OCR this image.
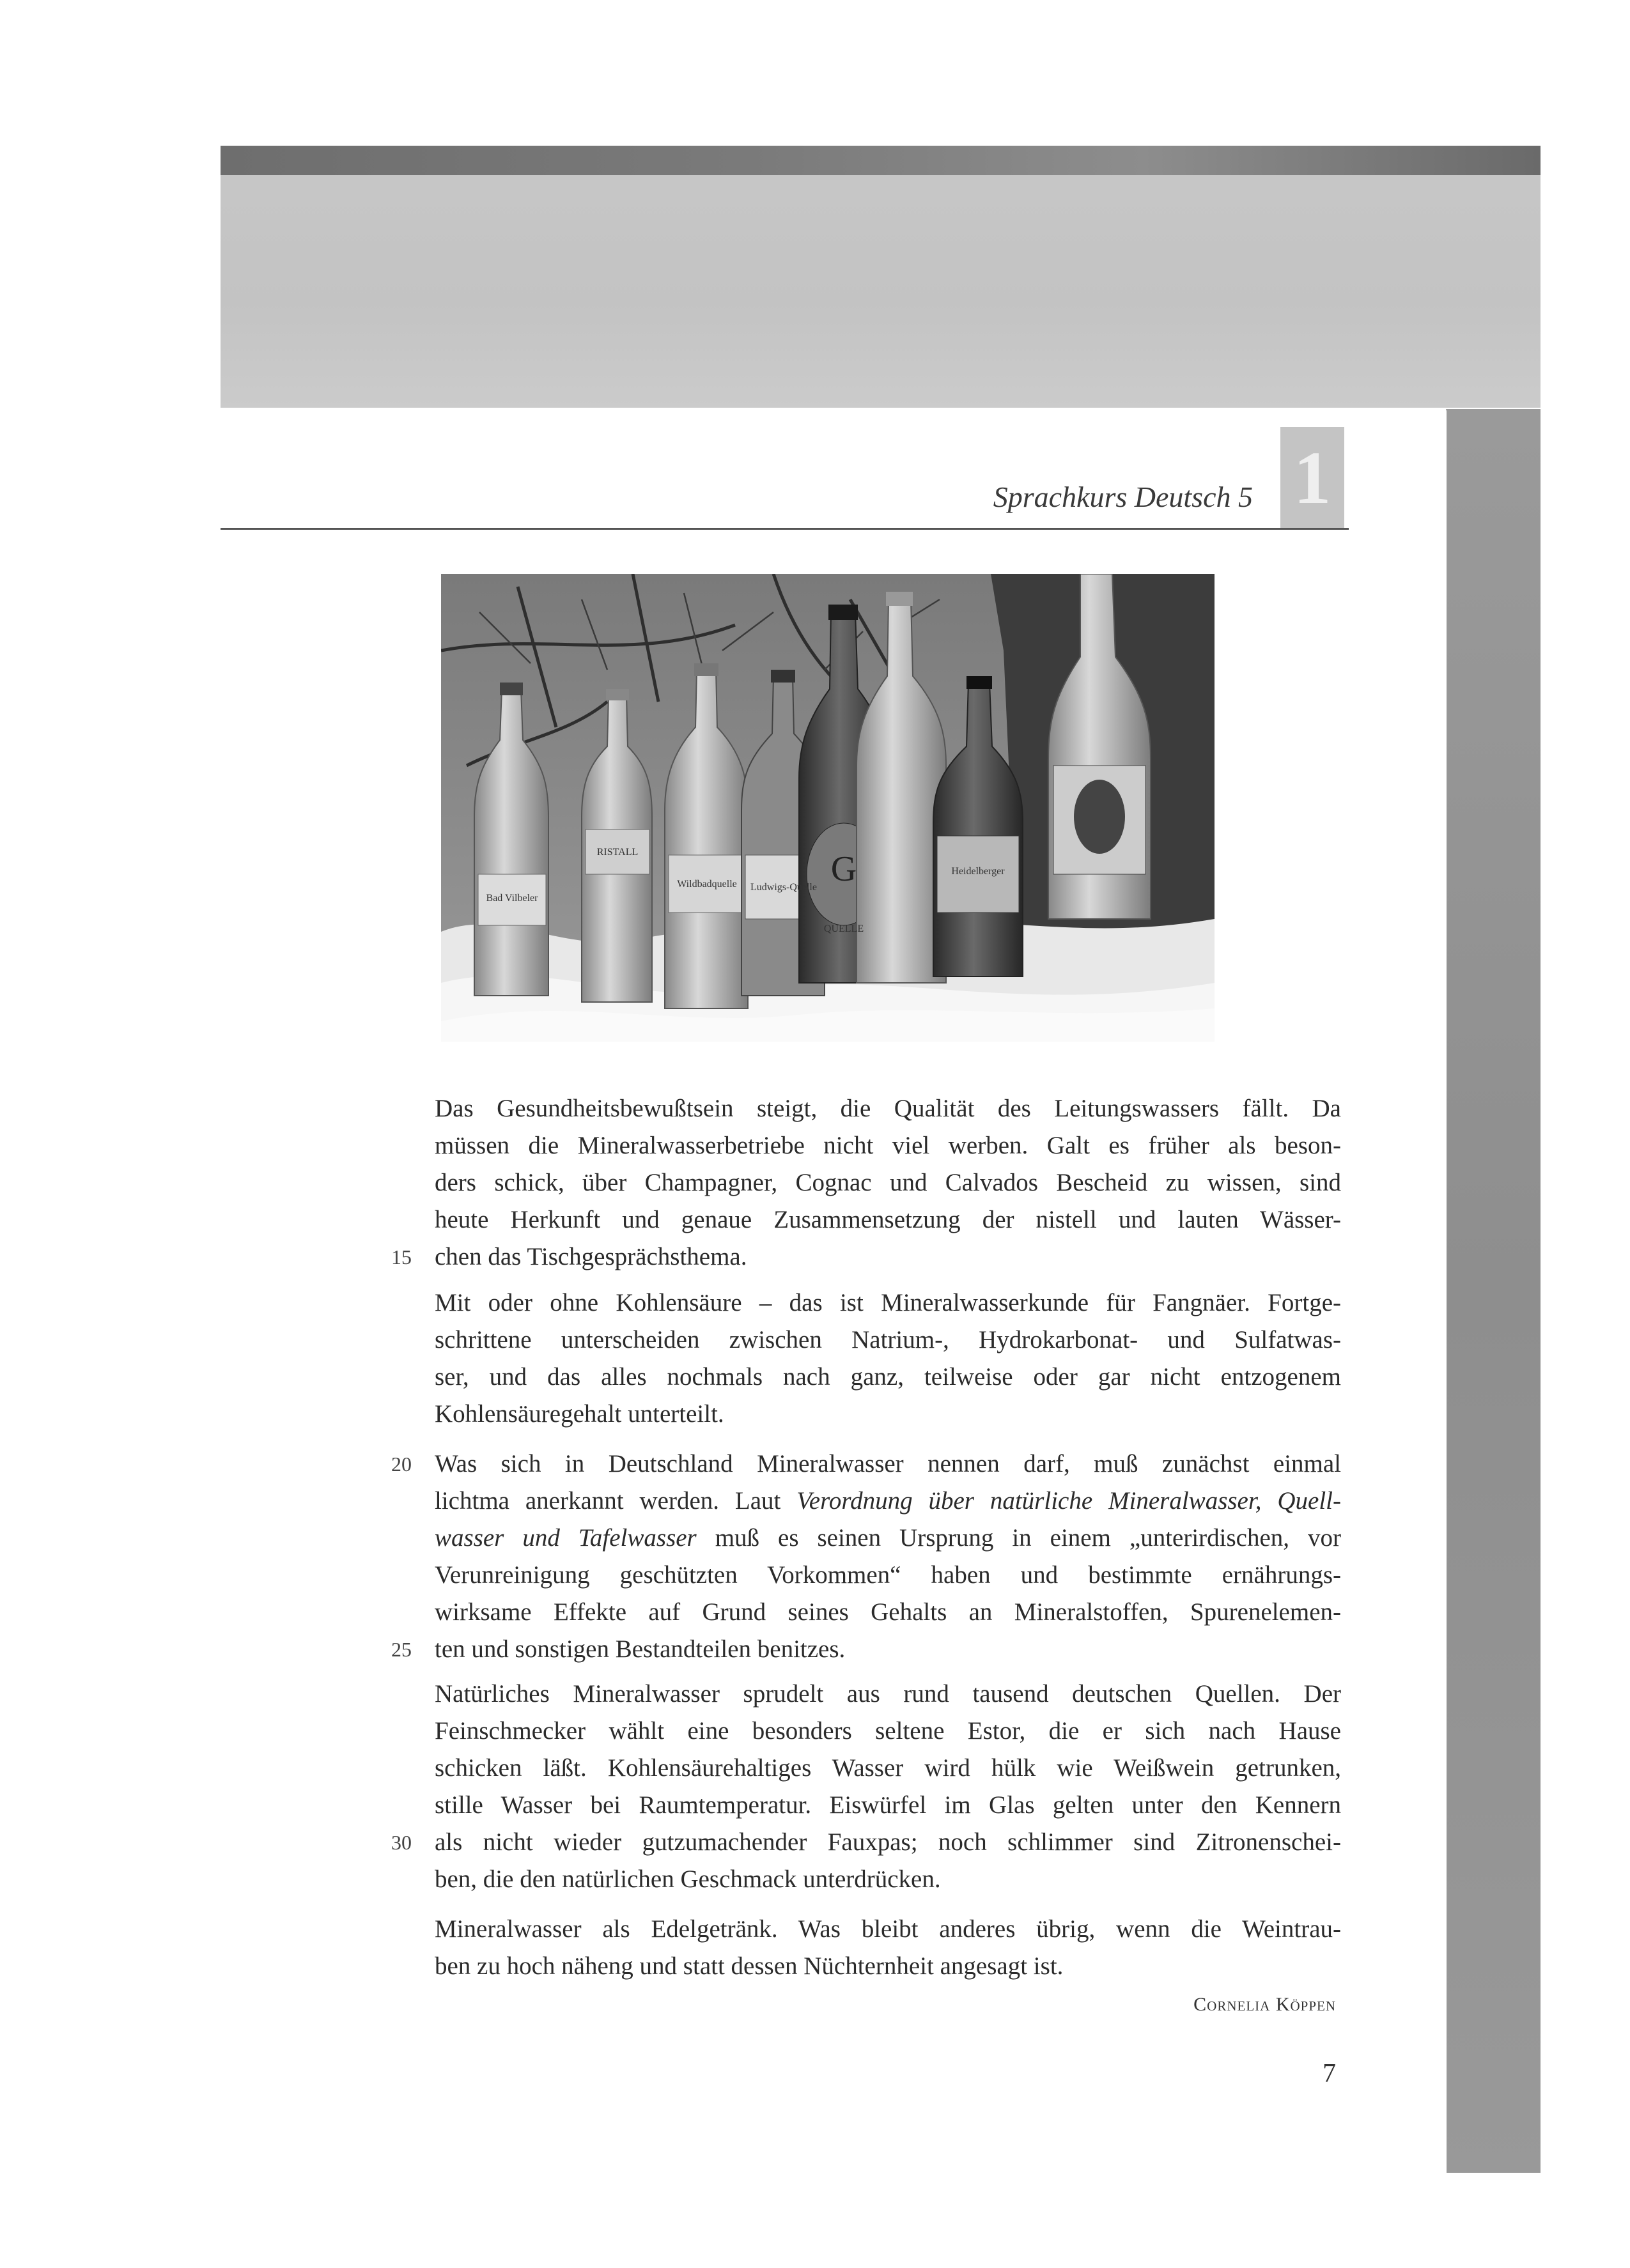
Sprachkurs Deutsch 5 1
Bad Vilbeler
RISTALL
Wildbadquelle Ludwigs-Quelle G
QUELLE
Heidelberger
Das Gesundheitsbewußtsein steigt, die Qualität des Leitungswassers fällt. Da
müssen die Mineralwasserbetriebe nicht viel werben. Galt es früher als beson-
ders schick, über Champagner, Cognac und Calvados Bescheid zu wissen, sind
heute Herkunft und genaue Zusammensetzung der nistell und lauten Wässer-
chen das Tischgesprächsthema.
15
Mit oder ohne Kohlensäure – das ist Mineralwasserkunde für Fangnäer. Fortge-
schrittene unterscheiden zwischen Natrium-, Hydrokarbonat- und Sulfatwas-
ser, und das alles nochmals nach ganz, teilweise oder gar nicht entzogenem
Kohlensäuregehalt unterteilt.
20 Was sich in Deutschland Mineralwasser nennen darf, muß zunächst einmal
lichtma anerkannt werden. Laut Verordnung über natürliche Mineralwasser, Quell-
wasser und Tafelwasser muß es seinen Ursprung in einem „unterirdischen, vor
Verunreinigung geschützten Vorkommen“ haben und bestimmte ernährungs-
wirksame Effekte auf Grund seines Gehalts an Mineralstoffen, Spurenelemen-
ten und sonstigen Bestandteilen benitzes.
25
Natürliches Mineralwasser sprudelt aus rund tausend deutschen Quellen. Der
Feinschmecker wählt eine besonders seltene Estor, die er sich nach Hause
schicken läßt. Kohlensäurehaltiges Wasser wird hülk wie Weißwein getrunken,
stille Wasser bei Raumtemperatur. Eiswürfel im Glas gelten unter den Kennern
30 als nicht wieder gutzumachender Fauxpas; noch schlimmer sind Zitronenschei-
ben, die den natürlichen Geschmack unterdrücken.
Mineralwasser als Edelgetränk. Was bleibt anderes übrig, wenn die Weintrau-
ben zu hoch näheng und statt dessen Nüchternheit angesagt ist.
Cornelia Köppen
7
